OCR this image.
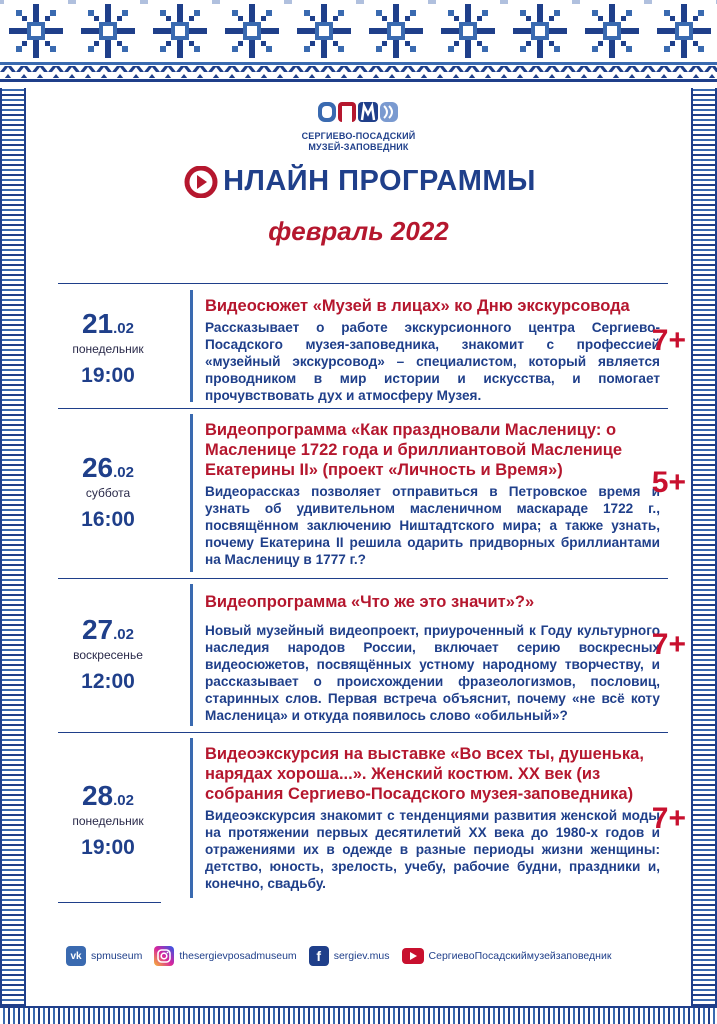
СЕРГИЕВО-ПОСАДСКИЙ
МУЗЕЙ-ЗАПОВЕДНИК
НЛАЙН ПРОГРАММЫ
февраль 2022
21.02
понедельник
19:00
Видеосюжет «Музей в лицах» ко Дню экскурсовода
Рассказывает о работе экскурсионного центра Сергиево-Посадского музея-заповедника, знакомит с профессией «музейный экскурсовод» – специалистом, который является проводником в мир истории и искусства, и помогает прочувствовать дух и атмосферу Музея.
7+
26.02
суббота
16:00
Видеопрограмма «Как праздновали Масленицу: о Масленице 1722 года и бриллиантовой Масленице Екатерины II» (проект «Личность и Время»)
Видеорассказ позволяет отправиться в Петровское время и узнать об удивительном масленичном маскараде 1722 г., посвящённом заключению Ништадтского мира; а также узнать, почему Екатерина II решила одарить придворных бриллиантами на Масленицу в 1777 г.?
5+
27.02
воскресенье
12:00
Видеопрограмма «Что же это значит»?»
Новый музейный видеопроект, приуроченный к Году культурного наследия народов России, включает серию воскресных видеосюжетов, посвящённых устному народному творчеству, и рассказывает о происхождении фразеологизмов, пословиц, старинных слов. Первая встреча объяснит, почему «не всё коту Масленица» и откуда появилось слово «обильный»?
7+
28.02
понедельник
19:00
Видеоэкскурсия на выставке «Во всех ты, душенька, нарядах хороша...». Женский костюм. XX век (из собрания Сергиево-Посадского музея-заповедника)
Видеоэкскурсия знакомит с тенденциями развития женской моды на протяжении первых десятилетий XX века до 1980-х годов и отражениями их в одежде в разные периоды жизни женщины: детство, юность, зрелость, учебу, рабочие будни, праздники и, конечно, свадьбу.
7+
vk spmuseum	thesergievposadmuseum	f	sergiev.mus	СергиевоПосадскиймузейзаповедник
